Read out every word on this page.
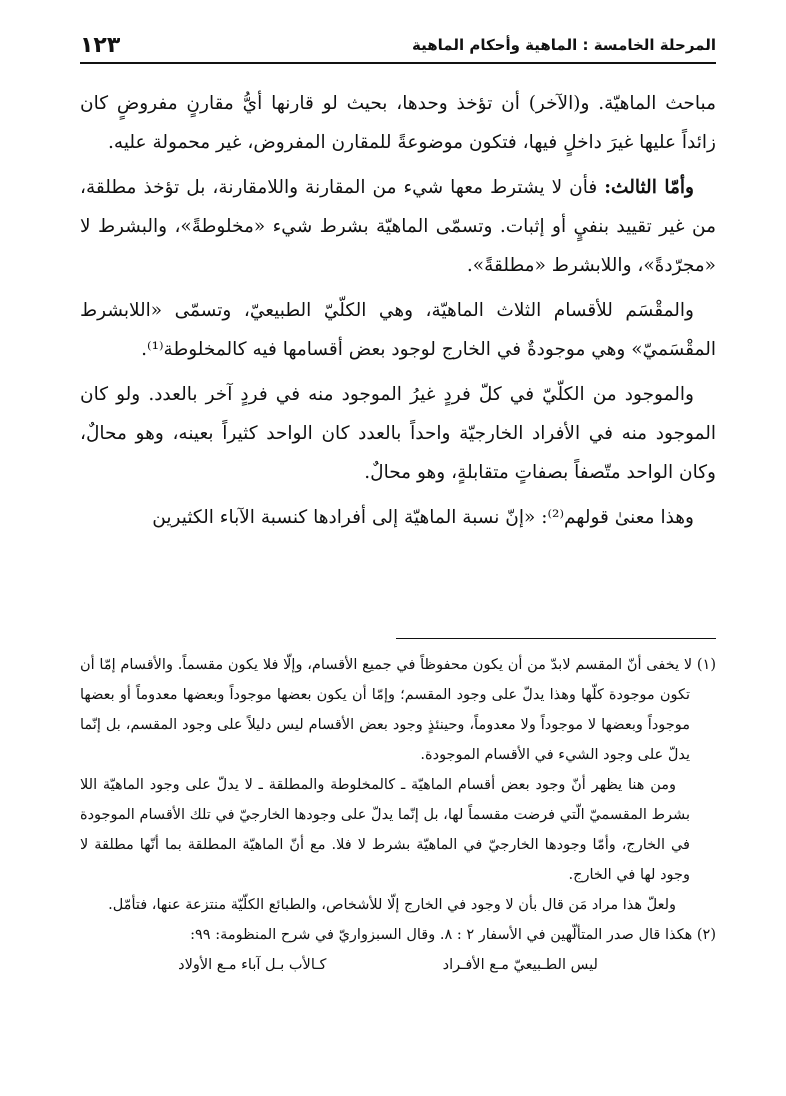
١٢٣	المرحلة الخامسة : الماهية وأحكام الماهية

مباحث الماهيّة. و(الآخر) أن تؤخذ وحدها، بحيث لو قارنها أيُّ مقارنٍ مفروضٍ كان زائداً عليها غيرَ داخلٍ فيها، فتكون موضوعةً للمقارن المفروض، غير محمولة عليه.

وأمّا الثالث: فأن لا يشترط معها شيء من المقارنة واللامقارنة، بل تؤخذ مطلقة، من غير تقييد بنفيٍ أو إثبات. وتسمّى الماهيّة بشرط شيء «مخلوطةً»، والبشرط لا «مجرّدةً»، واللابشرط «مطلقةً».

والمقْسَم للأقسام الثلاث الماهيّة، وهي الكلّيّ الطبيعيّ، وتسمّى «اللابشرط المقْسَميّ» وهي موجودةٌ في الخارج لوجود بعض أقسامها فيه كالمخلوطة⁽¹⁾.

والموجود من الكلّيّ في كلّ فردٍ غيرُ الموجود منه في فردٍ آخر بالعدد. ولو كان الموجود منه في الأفراد الخارجيّة واحداً بالعدد كان الواحد كثيراً بعينه، وهو محالٌ، وكان الواحد متّصفاً بصفاتٍ متقابلةٍ، وهو محالٌ.

وهذا معنىٰ قولهم⁽²⁾: «إنّ نسبة الماهيّة إلى أفرادها كنسبة الآباء الكثيرين

(١) لا يخفى أنّ المقسم لابدّ من أن يكون محفوظاً في جميع الأقسام، وإلّا فلا يكون مقسماً. والأقسام إمّا أن تكون موجودة كلّها وهذا يدلّ على وجود المقسم؛ وإمّا أن يكون بعضها موجوداً وبعضها معدوماً أو بعضها موجوداً وبعضها لا موجوداً ولا معدوماً، وحينئذٍ وجود بعض الأقسام ليس دليلاً على وجود المقسم، بل إنّما يدلّ على وجود الشيء في الأقسام الموجودة.

ومن هنا يظهر أنّ وجود بعض أقسام الماهيّة ـ كالمخلوطة والمطلقة ـ لا يدلّ على وجود الماهيّة اللا بشرط المقسميّ الّتي فرضت مقسماً لها، بل إنّما يدلّ على وجودها الخارجيّ في تلك الأقسام الموجودة في الخارج، وأمّا وجودها الخارجيّ في الماهيّة بشرط لا فلا. مع أنّ الماهيّة المطلقة بما أنّها مطلقة لا وجود لها في الخارج.

ولعلّ هذا مراد مَن قال بأن لا وجود في الخارج إلّا للأشخاص، والطبائع الكلّيّة منتزعة عنها، فتأمّل.

(٢) هكذا قال صدر المتألّهين في الأسفار ٢ : ٨. وقال السبزواريّ في شرح المنظومة: ٩٩:

ليس الطـبيعيّ مـع الأفـراد
كـالأب بـل آباء مـع الأولاد
